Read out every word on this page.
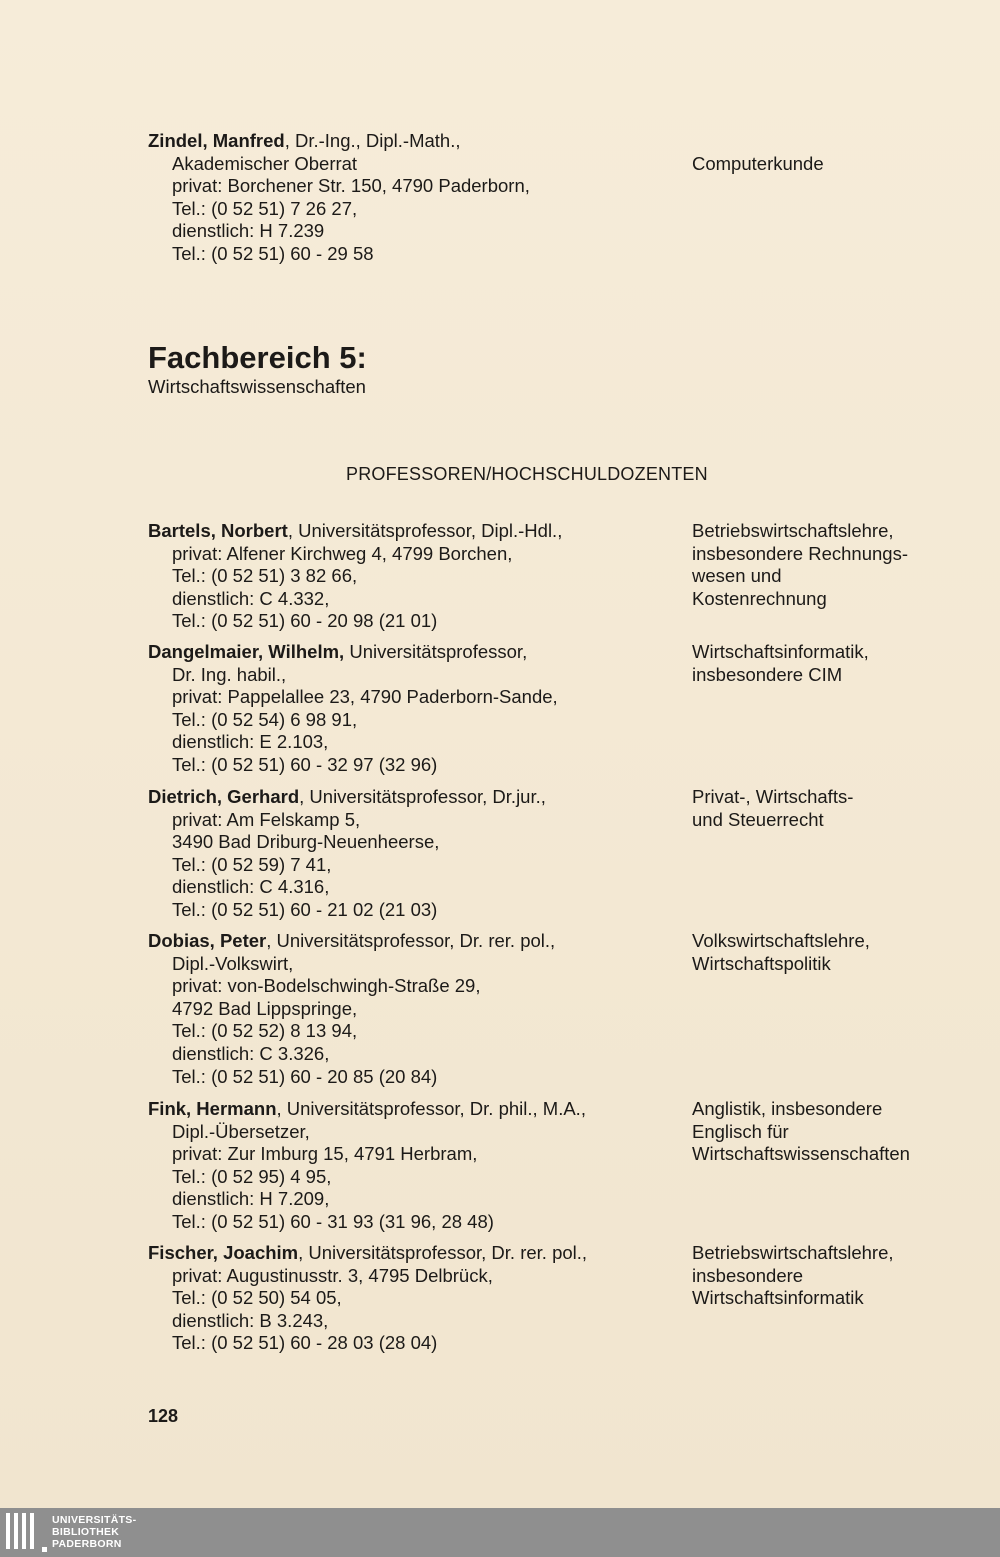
Zindel, Manfred, Dr.-Ing., Dipl.-Math.,
Akademischer Oberrat
privat: Borchener Str. 150, 4790 Paderborn,
Tel.: (0 52 51) 7 26 27,
dienstlich: H 7.239
Tel.: (0 52 51) 60 - 29 58
Computerkunde
Fachbereich 5:
Wirtschaftswissenschaften
PROFESSOREN/HOCHSCHULDOZENTEN
Bartels, Norbert, Universitätsprofessor, Dipl.-Hdl.,
privat: Alfener Kirchweg 4, 4799 Borchen,
Tel.: (0 52 51) 3 82 66,
dienstlich: C 4.332,
Tel.: (0 52 51) 60 - 20 98 (21 01)
Betriebswirtschaftslehre,
insbesondere Rechnungs-
wesen und
Kostenrechnung
Dangelmaier, Wilhelm, Universitätsprofessor,
Dr. Ing. habil.,
privat: Pappelallee 23, 4790 Paderborn-Sande,
Tel.: (0 52 54) 6 98 91,
dienstlich: E 2.103,
Tel.: (0 52 51) 60 - 32 97 (32 96)
Wirtschaftsinformatik,
insbesondere CIM
Dietrich, Gerhard, Universitätsprofessor, Dr.jur.,
privat: Am Felskamp 5,
3490 Bad Driburg-Neuenheerse,
Tel.: (0 52 59) 7 41,
dienstlich: C 4.316,
Tel.: (0 52 51) 60 - 21 02 (21 03)
Privat-, Wirtschafts-
und Steuerrecht
Dobias, Peter, Universitätsprofessor, Dr. rer. pol.,
Dipl.-Volkswirt,
privat: von-Bodelschwingh-Straße 29,
4792 Bad Lippspringe,
Tel.: (0 52 52) 8 13 94,
dienstlich: C 3.326,
Tel.: (0 52 51) 60 - 20 85 (20 84)
Volkswirtschaftslehre,
Wirtschaftspolitik
Fink, Hermann, Universitätsprofessor, Dr. phil., M.A.,
Dipl.-Übersetzer,
privat: Zur Imburg 15, 4791 Herbram,
Tel.: (0 52 95) 4 95,
dienstlich: H 7.209,
Tel.: (0 52 51) 60 - 31 93 (31 96, 28 48)
Anglistik, insbesondere
Englisch für
Wirtschaftswissenschaften
Fischer, Joachim, Universitätsprofessor, Dr. rer. pol.,
privat: Augustinusstr. 3, 4795 Delbrück,
Tel.: (0 52 50) 54 05,
dienstlich: B 3.243,
Tel.: (0 52 51) 60 - 28 03 (28 04)
Betriebswirtschaftslehre,
insbesondere
Wirtschaftsinformatik
128
UNIVERSITÄTS-
BIBLIOTHEK
PADERBORN
